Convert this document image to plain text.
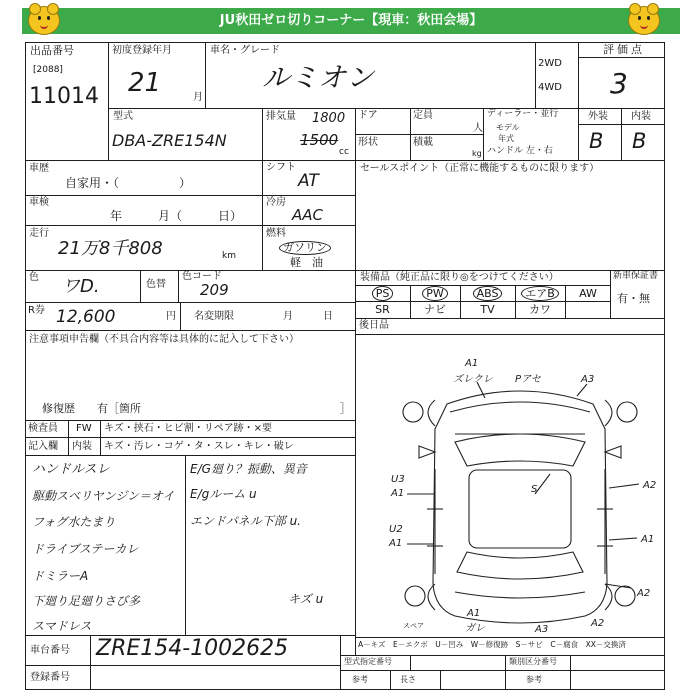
JU秋田ゼロ切りコーナー【現車：秋田会場】
出品番号
[2088]
11014
初度登録年月
21	月
車名・グレード
ルミオン	2WD
4WD
評価点
3
型式
DBA-ZRE154N
排気量 1800
1500
cc
ドア
形状
定員
人
積載
kg
ディーラー・並行
モデル
年式
ハンドル 左・右
外装 内装
B B
車歴
自家用・（　　　　　）
シフト
AT
セールスポイント（正常に機能するものに限ります）
車検
年　　　月（　　　日）
冷房
AAC
走行
21万8千808	km
燃料
ガソリン
軽　油
色 ワD.	色替
色コード
209
装備品（純正品に限り◎をつけてください）
PS	PW	ABS	エアB	AW
SR	ナビ	TV	カワ
新車保証書
有・無
R券 12,600	円 名変期限	月　　　日
後日品
注意事項申告欄（不具合内容等は具体的に記入して下さい）
修復歴　　有［箇所	］
検査員 FW キズ・挟石・ヒビ割・リペア跡・×要
記入欄 内装 キズ・汚レ・コゲ・タ・スレ・キレ・破レ
ハンドルスレ	E/G廻り？振動、異音
駆動スベリヤンジン＝オイ E/gルーム u
フォグ水たまり	エンドパネル下部 u.
ドライブステーカレ
ドミラーA
下廻り足廻りさび多	キズ u
スマドレス
A1
ズレクレ Pアセ	A3
U3
A1
U2
A1
S	A2
A1
A2
A1
ガレ	A3
A2
スペア
A－キズ　E－エクボ　U－凹み　W－修復跡　S－サビ　C－腐食　XX－交換済
車台番号 ZRE154-1002625
登録番号
型式指定番号	類別区分番号
参考	長さ	参考
